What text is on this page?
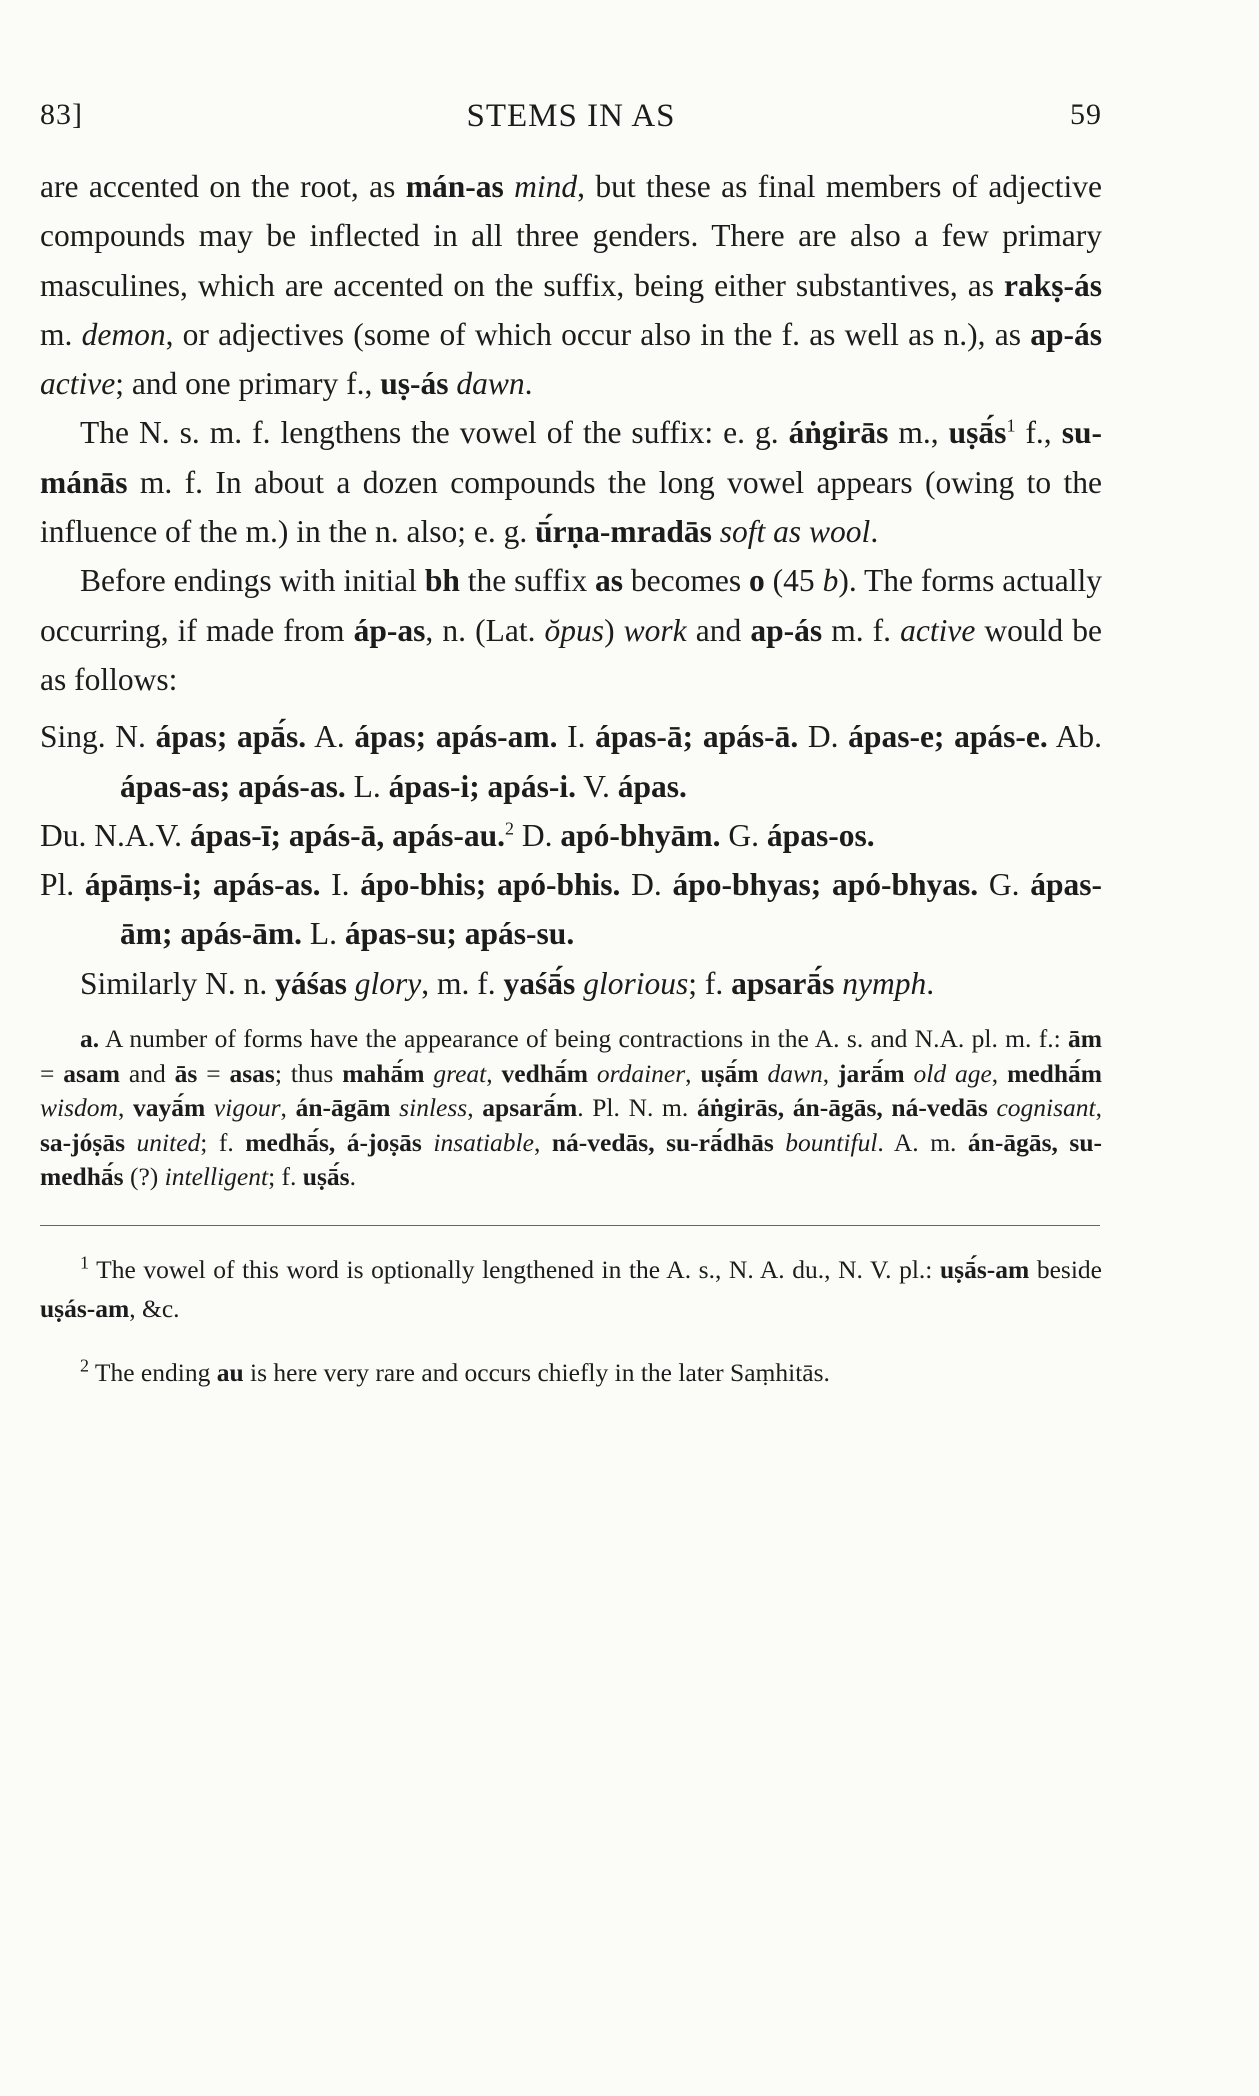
83]	STEMS IN AS	59

are accented on the root, as mán-as mind, but these as final members of adjective compounds may be inflected in all three genders. There are also a few primary masculines, which are accented on the suffix, being either substantives, as rakṣ-ás m. demon, or adjectives (some of which occur also in the f. as well as n.), as ap-ás active; and one primary f., uṣ-ás dawn.

The N. s. m. f. lengthens the vowel of the suffix: e. g. áṅgirās m., $uṣā́s^1$ f., su-mánās m. f. In about a dozen compounds the long vowel appears (owing to the influence of the m.) in the n. also; e. g. ū́rṇa-mradās soft as wool.

Before endings with initial bh the suffix as becomes o (45 b). The forms actually occurring, if made from áp-as, n. (Lat. ŏpus) work and ap-ás m. f. active would be as follows:

Sing. N. ápas; apā́s. A. ápas; apás-am. I. ápas-ā; apás-ā. D. ápas-e; apás-e. Ab. ápas-as; apás-as. L. ápas-i; apás-i. V. ápas.

Du. N.A.V. ápas-ī; apás-ā, apás-au.$^2$ D. apó-bhyām. G. ápas-os.

Pl. ápāṃs-i; apás-as. I. ápo-bhis; apó-bhis. D. ápo-bhyas; apó-bhyas. G. ápas-ām; apás-ām. L. ápas-su; apás-su.

Similarly N. n. yáśas glory, m. f. yaśā́s glorious; f. apsarā́s nymph.

a. A number of forms have the appearance of being contractions in the A. s. and N.A. pl. m. f.: ām = asam and ās = asas; thus mahā́m great, vedhā́m ordainer, uṣā́m dawn, jarā́m old age, medhā́m wisdom, vayā́m vigour, án-āgām sinless, apsarā́m. Pl. N. m. áṅgirās, án-āgās, ná-vedās cognisant, sa-jóṣās united; f. medhā́s, á-joṣās insatiable, ná-vedās, su-rā́dhās bountiful. A. m. án-āgās, su-medhā́s (?) intelligent; f. uṣā́s.

$^1$ The vowel of this word is optionally lengthened in the A. s., N. A. du., N. V. pl.: uṣā́s-am beside uṣás-am, &c.

$^2$ The ending au is here very rare and occurs chiefly in the later Saṃhitās.
